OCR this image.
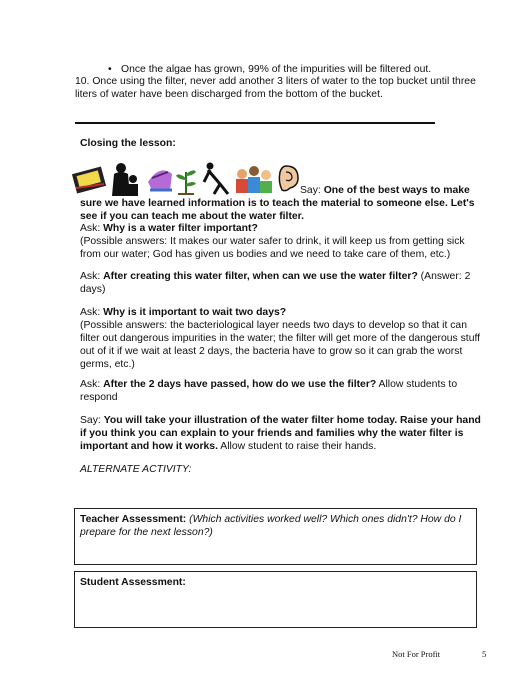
• Once the algae has grown, 99% of the impurities will be filtered out.
10. Once using the filter, never add another 3 liters of water to the top bucket until three liters of water have been discharged from the bottom of the bucket.
Closing the lesson:
Say: One of the best ways to make sure we have learned information is to teach the material to someone else. Let's see if you can teach me about the water filter.
Ask: Why is a water filter important?
(Possible answers: It makes our water safer to drink, it will keep us from getting sick from our water; God has given us bodies and we need to take care of them, etc.)
Ask: After creating this water filter, when can we use the water filter? (Answer: 2 days)
Ask: Why is it important to wait two days?
(Possible answers: the bacteriological layer needs two days to develop so that it can filter out dangerous impurities in the water; the filter will get more of the dangerous stuff out of it if we wait at least 2 days, the bacteria have to grow so it can grab the worst germs, etc.)
Ask: After the 2 days have passed, how do we use the filter? Allow students to respond
Say: You will take your illustration of the water filter home today. Raise your hand if you think you can explain to your friends and families why the water filter is important and how it works. Allow student to raise their hands.
ALTERNATE ACTIVITY:
Teacher Assessment: (Which activities worked well? Which ones didn't? How do I prepare for the next lesson?)
Student Assessment:
Not For Profit	5
